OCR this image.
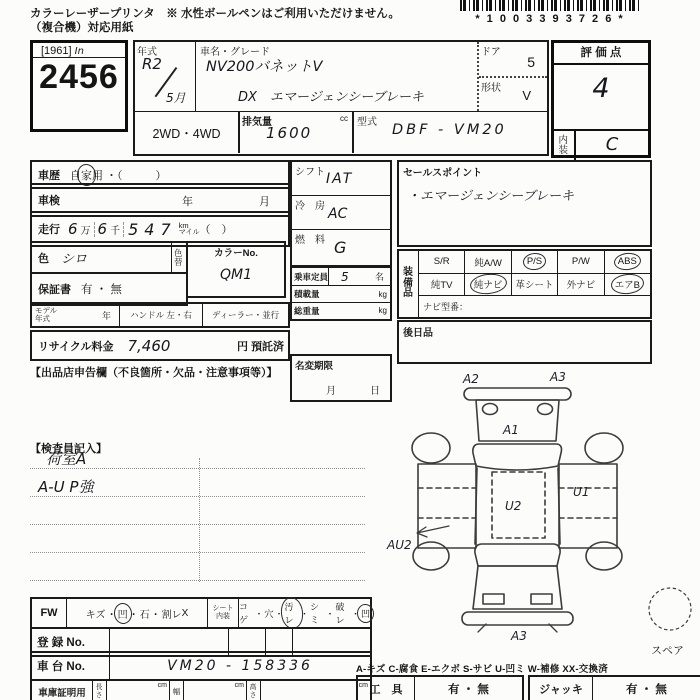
カラーレーザープリンタ　※ 水性ボールペンはご利用いただけません。
（複合機）対応用紙
* 1 0 0 3 3 9 3 7 2 6 *
[1961] In
2456
年式
R2
5月
車名・グレード
NV200バネットV
DX　エマージェンシーブレーキ
ドア
5
形状 V
2WD・4WD
排気量	cc
1600
型式 DBF - VM20
評 価 点
4
内装	C
車歴 自家用 ・（　　　）
車検	年	月
走行 6 万 6 千 547 km
マイル （　）
色 シロ	色替
保証書 有 ・ 無
カラーNo.
QM1
モデル年式	年	ハンドル 左・右	ディーラー・並行
リサイクル料金 7,460	円 預託済
【出品店申告欄（不良箇所・欠品・注意事項等）】
シフト IAT
冷　房 AC
燃　料 G
乗車定員	5	名
積載量	kg
総重量	kg
名変期限
月	日
セールスポイント
・エマージェンシーブレーキ
装備品
S/R	純A/W	P/S	P/W	ABS
純TV 純ナビ 革シート 外ナビ エアB
ナビ型番：
後日品
【検査員記入】
荷室A
A-U P強
スペア
A2	A3
A1
U2
U1
AU2
A3
FW	キズ ・ 凹 ・ 石 ・ 割レ X	シート
内装
コゲ
・ 穴 ・
汚レ
・
シミ
・
破レ
・ 凹
登 録 No.
車 台 No.	VM20 - 158336
車庫証明用	長さ
cm
幅
cm 高さ
cm
A-キズ C-腐食 E-エクボ S-サビ U-凹ミ W-補修 XX-交換済
工　具	有 ・ 無	ジャッキ	有 ・ 無
